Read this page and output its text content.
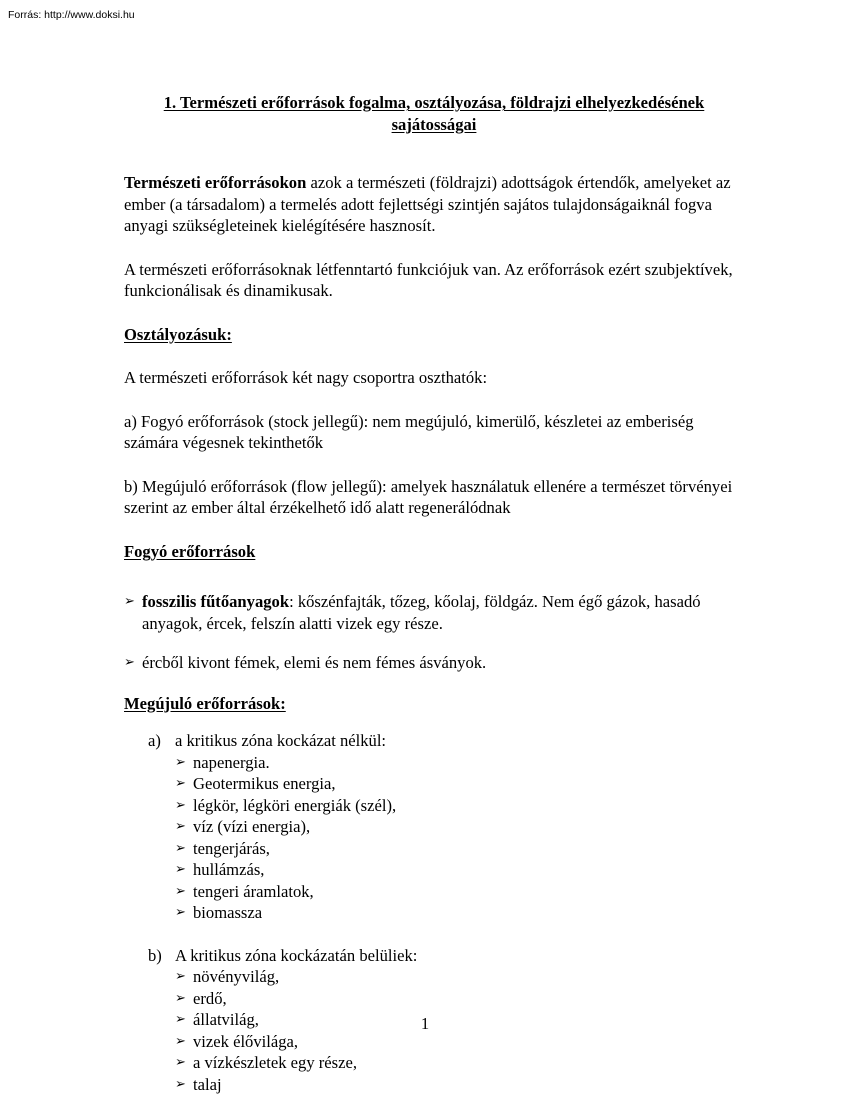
Forrás: http://www.doksi.hu
1. Természeti erőforrások fogalma, osztályozása, földrajzi elhelyezkedésének
sajátosságai

Természeti erőforrásokon azok a természeti (földrajzi) adottságok értendők, amelyeket az ember (a társadalom) a termelés adott fejlettségi szintjén sajátos tulajdonságaiknál fogva anyagi szükségleteinek kielégítésére hasznosít.

A természeti erőforrásoknak létfenntartó funkciójuk van. Az erőforrások ezért szubjektívek, funkcionálisak és dinamikusak.

Osztályozásuk:

A természeti erőforrások két nagy csoportra oszthatók:

a) Fogyó erőforrások (stock jellegű): nem megújuló, kimerülő, készletei az emberiség számára végesnek tekinthetők

b) Megújuló erőforrások (flow jellegű): amelyek használatuk ellenére a természet törvényei szerint az ember által érzékelhető idő alatt regenerálódnak

Fogyó erőforrások
➢ fosszilis fűtőanyagok: kőszénfajták, tőzeg, kőolaj, földgáz. Nem égő gázok, hasadó anyagok, ércek, felszín alatti vizek egy része.
➢ ércből kivont fémek, elemi és nem fémes ásványok.
Megújuló erőforrások:
a) a kritikus zóna kockázat nélkül:
➢ napenergia.
➢ Geotermikus energia,
➢ légkör, légköri energiák (szél),
➢ víz (vízi energia),
➢ tengerjárás,
➢ hullámzás,
➢ tengeri áramlatok,
➢ biomassza
b) A kritikus zóna kockázatán belüliek:
➢ növényvilág,
➢ erdő,
➢ állatvilág,
➢ vizek élővilága,
➢ a vízkészletek egy része,
➢ talaj
1
